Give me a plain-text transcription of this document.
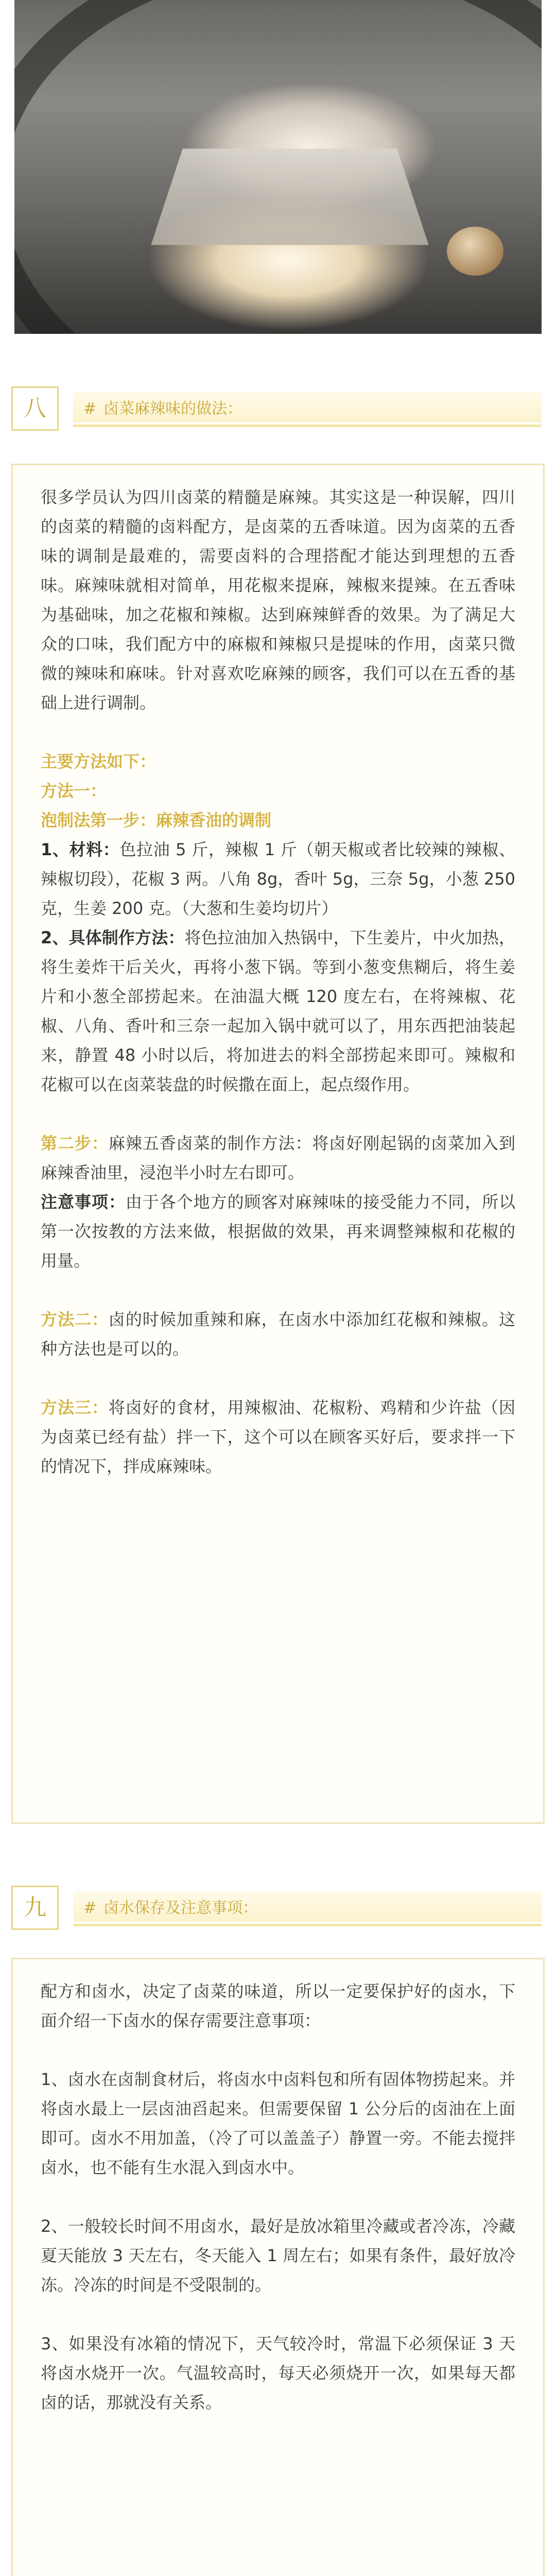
八	# 卤菜麻辣味的做法：

很多学员认为四川卤菜的精髓是麻辣。其实这是一种误解，四川的卤菜的精髓的卤料配方，是卤菜的五香味道。因为卤菜的五香味的调制是最难的，需要卤料的合理搭配才能达到理想的五香味。麻辣味就相对简单，用花椒来提麻，辣椒来提辣。在五香味为基础味，加之花椒和辣椒。达到麻辣鲜香的效果。为了满足大众的口味，我们配方中的麻椒和辣椒只是提味的作用，卤菜只微微的辣味和麻味。针对喜欢吃麻辣的顾客，我们可以在五香的基础上进行调制。

主要方法如下：

方法一：

泡制法第一步：麻辣香油的调制

1、材料：色拉油 5 斤，辣椒 1 斤（朝天椒或者比较辣的辣椒、辣椒切段），花椒 3 两。八角 8g，香叶 5g，三奈 5g，小葱 250 克，生姜 200 克。（大葱和生姜均切片）

2、具体制作方法：将色拉油加入热锅中，下生姜片，中火加热，将生姜炸干后关火，再将小葱下锅。等到小葱变焦糊后，将生姜片和小葱全部捞起来。在油温大概 120 度左右，在将辣椒、花椒、八角、香叶和三奈一起加入锅中就可以了，用东西把油装起来，静置 48 小时以后，将加进去的料全部捞起来即可。辣椒和花椒可以在卤菜装盘的时候撒在面上，起点缀作用。

第二步：麻辣五香卤菜的制作方法：将卤好刚起锅的卤菜加入到麻辣香油里，浸泡半小时左右即可。

注意事项：由于各个地方的顾客对麻辣味的接受能力不同，所以第一次按教的方法来做，根据做的效果，再来调整辣椒和花椒的用量。

方法二：卤的时候加重辣和麻，在卤水中添加红花椒和辣椒。这种方法也是可以的。

方法三：将卤好的食材，用辣椒油、花椒粉、鸡精和少许盐（因为卤菜已经有盐）拌一下，这个可以在顾客买好后，要求拌一下的情况下，拌成麻辣味。

九	# 卤水保存及注意事项：

配方和卤水，决定了卤菜的味道，所以一定要保护好的卤水，下面介绍一下卤水的保存需要注意事项：

1、卤水在卤制食材后，将卤水中卤料包和所有固体物捞起来。并将卤水最上一层卤油舀起来。但需要保留 1 公分后的卤油在上面即可。卤水不用加盖，（冷了可以盖盖子）静置一旁。不能去搅拌卤水，也不能有生水混入到卤水中。

2、一般较长时间不用卤水，最好是放冰箱里冷藏或者冷冻，冷藏夏天能放 3 天左右，冬天能入 1 周左右；如果有条件，最好放冷冻。冷冻的时间是不受限制的。

3、如果没有冰箱的情况下，天气较冷时，常温下必须保证 3 天将卤水烧开一次。气温较高时，每天必须烧开一次，如果每天都卤的话，那就没有关系。
